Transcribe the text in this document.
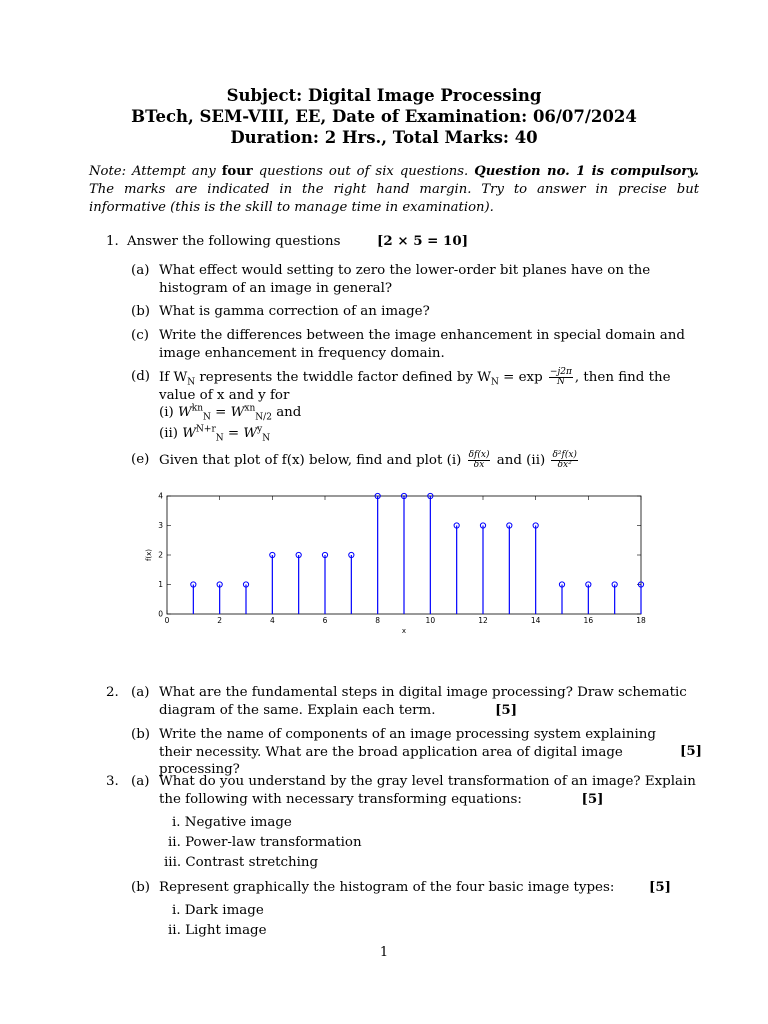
Subject: Digital Image Processing
BTech, SEM-VIII, EE, Date of Examination: 06/07/2024
Duration: 2 Hrs., Total Marks: 40
Note: Attempt any four questions out of six questions. Question no. 1 is compulsory. The marks are indicated in the right hand margin. Try to answer in precise but informative (this is the skill to manage time in examination).
1. Answer the following questions	[2 × 5 = 10]
(a) What effect would setting to zero the lower-order bit planes have on the histogram of an image in general?
(b) What is gamma correction of an image?
(c) Write the differences between the image enhancement in special domain and image enhancement in frequency domain.
(d) If $W_N$ represents the twiddle factor defined by $W_N = \exp \frac{-j2\pi}{N}$ , then find the value of x and y for
(i) $W^{kn}_N = W^{xn}_{N/2}$ and
(ii) $W^{N+r}_N = W^y_N$
(e) Given that plot of f(x) below, find and plot $(i) \frac{\delta f(x)}{\delta x}$ and $(ii) \frac{\text{δ²f(x)}}{\text{δx²}}$
0	2	4	6	8	10	12	14	16	18
0
1
2
3
4
x
f(x)
2. (a) What are the fundamental steps in digital image processing? Draw schematic diagram of the same. Explain each term.	[5]
(b) Write the name of components of an image processing system explaining their necessity. What are the broad application area of digital image processing?
[5]
3. (a) What do you understand by the gray level transformation of an image? Explain the following with necessary transforming equations:	[5]
i. Negative image
ii. Power-law transformation
iii. Contrast stretching
(b) Represent graphically the histogram of the four basic image types:	[5]
i. Dark image
ii. Light image
1
